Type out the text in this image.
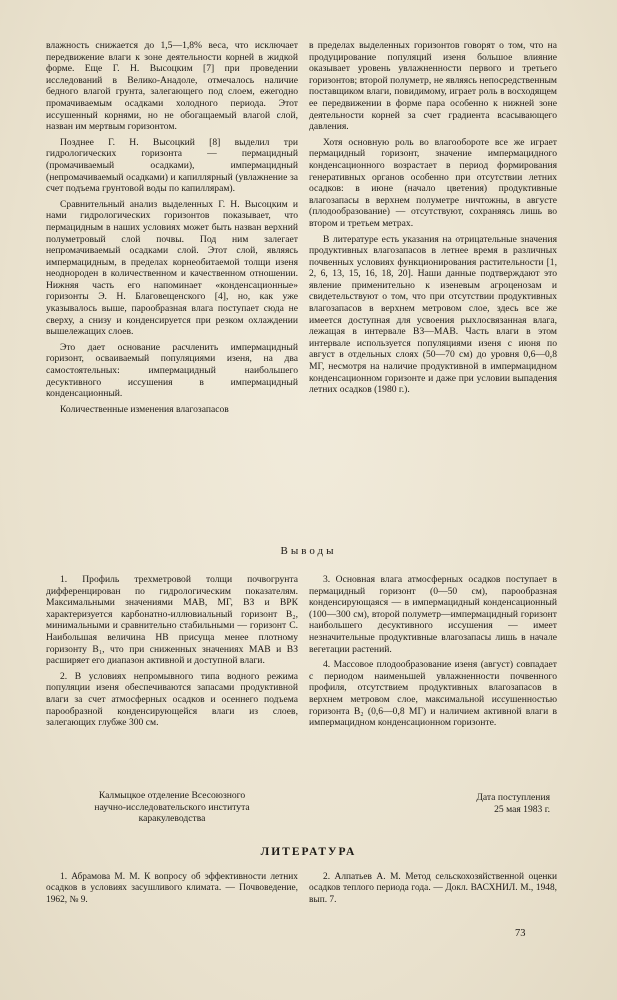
влажность снижается до 1,5—1,8% веса, что исключает передвижение влаги к зоне деятельности корней в жидкой форме. Еще Г. Н. Высоцким [7] при проведении исследований в Велико-Анадоле, отмечалось наличие бедного влагой грунта, залегающего под слоем, ежегодно промачиваемым осадками холодного периода. Этот иссушенный корнями, но не обогащаемый влагой слой, назван им мертвым горизонтом.

Позднее Г. Н. Высоцкий [8] выделил три гидрологических горизонта — пермацидный (промачиваемый осадками), импермацидный (непромачиваемый осадками) и капиллярный (увлажнение за счет подъема грунтовой воды по капиллярам).

Сравнительный анализ выделенных Г. Н. Высоцким и нами гидрологических горизонтов показывает, что пермацидным в наших условиях может быть назван верхний полуметровый слой почвы. Под ним залегает непромачиваемый осадками слой. Этот слой, являясь импермацидным, в пределах корнеобитаемой толщи изеня неоднороден в количественном и качественном отношении. Нижняя часть его напоминает «конденсационные» горизонты Э. Н. Благовещенского [4], но, как уже указывалось выше, парообразная влага поступает сюда не сверху, а снизу и конденсируется при резком охлаждении вышележащих слоев.

Это дает основание расчленить импермацидный горизонт, осваиваемый популяциями изеня, на два самостоятельных: импермацидный наибольшего десуктивного иссушения в импермацидный конденсационный.

Количественные изменения влагозапасов

в пределах выделенных горизонтов говорят о том, что на продуцирование популяций изеня большое влияние оказывает уровень увлажненности первого и третьего горизонтов; второй полуметр, не являясь непосредственным поставщиком влаги, повидимому, играет роль в восходящем ее передвижении в форме пара особенно к нижней зоне деятельности корней за счет градиента всасывающего давления.

Хотя основную роль во влагообороте все же играет пермацидный горизонт, значение импермацидного конденсационного возрастает в период формирования генеративных органов особенно при отсутствии летних осадков: в июне (начало цветения) продуктивные влагозапасы в верхнем полуметре ничтожны, в августе (плодообразование) — отсутствуют, сохраняясь лишь во втором и третьем метрах.

В литературе есть указания на отрицательные значения продуктивных влагозапасов в летнее время в различных почвенных условиях функционирования растительности [1, 2, 6, 13, 15, 16, 18, 20]. Наши данные подтверждают это явление применительно к изеневым агроценозам и свидетельствуют о том, что при отсутствии продуктивных влагозапасов в верхнем метровом слое, здесь все же имеется доступная для усвоения рыхлосвязанная влага, лежащая в интервале ВЗ—МАВ. Часть влаги в этом интервале используется популяциями изеня с июня по август в отдельных слоях (50—70 см) до уровня 0,6—0,8 МГ, несмотря на наличие продуктивной в импермацидном конденсационном горизонте и даже при условии выпадения летних осадков (1980 г.).

Выводы

1. Профиль трехметровой толщи почвогрунта дифференцирован по гидрологическим показателям. Максимальными значениями МАВ, МГ, ВЗ и ВРК характеризуется карбонатно-иллювиальный горизонт В₂, минимальными и сравнительно стабильными — горизонт С. Наибольшая величина НВ присуща менее плотному горизонту В₁, что при сниженных значениях МАВ и ВЗ расширяет его диапазон активной и доступной влаги.

2. В условиях непромывного типа водного режима популяции изеня обеспечиваются запасами продуктивной влаги за счет атмосферных осадков и осеннего подъема парообразной конденсирующейся влаги из слоев, залегающих глубже 300 см.

3. Основная влага атмосферных осадков поступает в пермацидный горизонт (0—50 см), парообразная конденсирующаяся — в импермацидный конденсационный (100—300 см), второй полуметр—импермацидный горизонт наибольшего десуктивного иссушения — имеет незначительные продуктивные влагозапасы лишь в начале вегетации растений.

4. Массовое плодообразование изеня (август) совпадает с периодом наименьшей увлажненности почвенного профиля, отсутствием продуктивных влагозапасов в верхнем метровом слое, максимальной иссушенностью горизонта В₂ (0,6—0,8 МГ) и наличием активной влаги в импермацидном конденсационном горизонте.

Калмыцкое отделение Всесоюзного
научно-исследовательского института
каракулеводства
Дата поступления
25 мая 1983 г.
ЛИТЕРАТУРА
1. Абрамова М. М. К вопросу об эффективности летних осадков в условиях засушливого климата. — Почвоведение, 1962, № 9.
2. Алпатьев А. М. Метод сельскохозяйственной оценки осадков теплого периода года. — Докл. ВАСХНИЛ. М., 1948, вып. 7.
73
